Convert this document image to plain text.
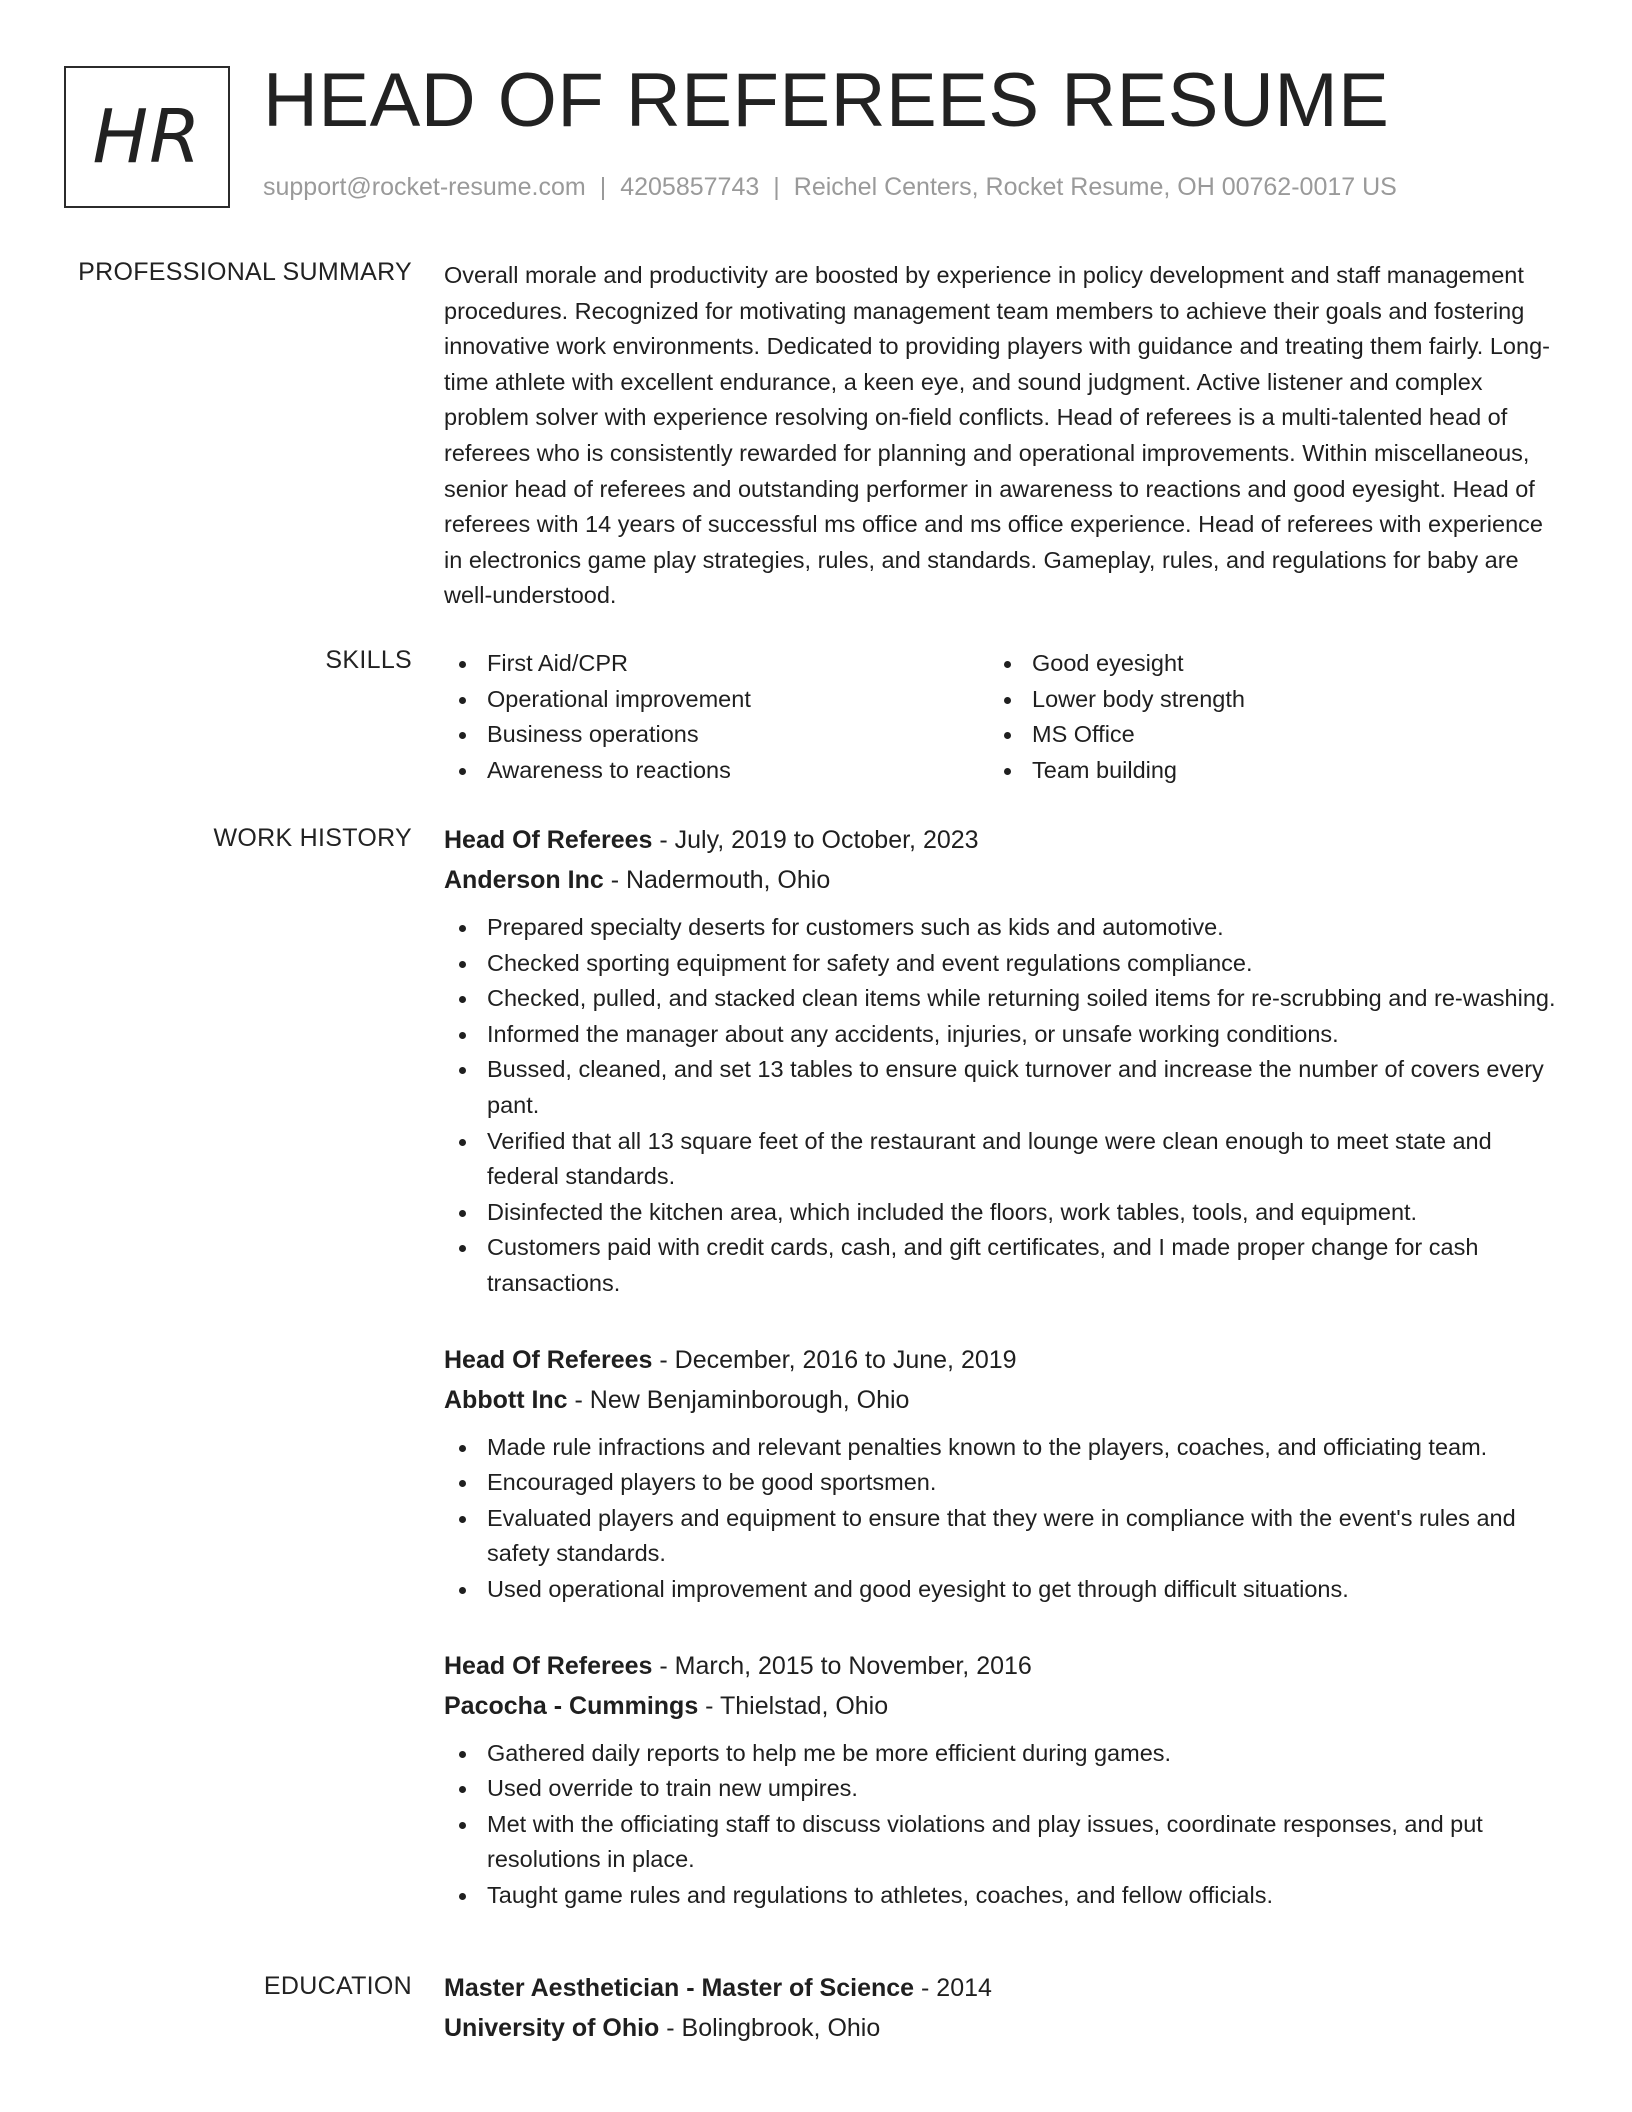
HR HEAD OF REFEREES RESUME
support@rocket-resume.com | 4205857743 | Reichel Centers, Rocket Resume, OH 00762-0017 US
PROFESSIONAL SUMMARY Overall morale and productivity are boosted by experience in policy development and staff management procedures. Recognized for motivating management team members to achieve their goals and fostering innovative work environments. Dedicated to providing players with guidance and treating them fairly. Long-time athlete with excellent endurance, a keen eye, and sound judgment. Active listener and complex problem solver with experience resolving on-field conflicts. Head of referees is a multi-talented head of referees who is consistently rewarded for planning and operational improvements. Within miscellaneous, senior head of referees and outstanding performer in awareness to reactions and good eyesight. Head of referees with 14 years of successful ms office and ms office experience. Head of referees with experience in electronics game play strategies, rules, and standards. Gameplay, rules, and regulations for baby are well-understood.

SKILLS	First Aid/CPR
Operational improvement
Business operations
Awareness to reactions
Good eyesight
Lower body strength
MS Office
Team building
WORK HISTORY Head Of Referees - July, 2019 to October, 2023
Anderson Inc - Nadermouth, Ohio
Prepared specialty deserts for customers such as kids and automotive.
Checked sporting equipment for safety and event regulations compliance.
Checked, pulled, and stacked clean items while returning soiled items for re-scrubbing and re-washing.
Informed the manager about any accidents, injuries, or unsafe working conditions.
Bussed, cleaned, and set 13 tables to ensure quick turnover and increase the number of covers every pant.
Verified that all 13 square feet of the restaurant and lounge were clean enough to meet state and federal standards.
Disinfected the kitchen area, which included the floors, work tables, tools, and equipment.
Customers paid with credit cards, cash, and gift certificates, and I made proper change for cash transactions.
Head Of Referees - December, 2016 to June, 2019
Abbott Inc - New Benjaminborough, Ohio
Made rule infractions and relevant penalties known to the players, coaches, and officiating team.
Encouraged players to be good sportsmen.
Evaluated players and equipment to ensure that they were in compliance with the event's rules and safety standards.
Used operational improvement and good eyesight to get through difficult situations.
Head Of Referees - March, 2015 to November, 2016
Pacocha - Cummings - Thielstad, Ohio
Gathered daily reports to help me be more efficient during games.
Used override to train new umpires.
Met with the officiating staff to discuss violations and play issues, coordinate responses, and put resolutions in place.
Taught game rules and regulations to athletes, coaches, and fellow officials.
EDUCATION Master Aesthetician - Master of Science - 2014
University of Ohio - Bolingbrook, Ohio
